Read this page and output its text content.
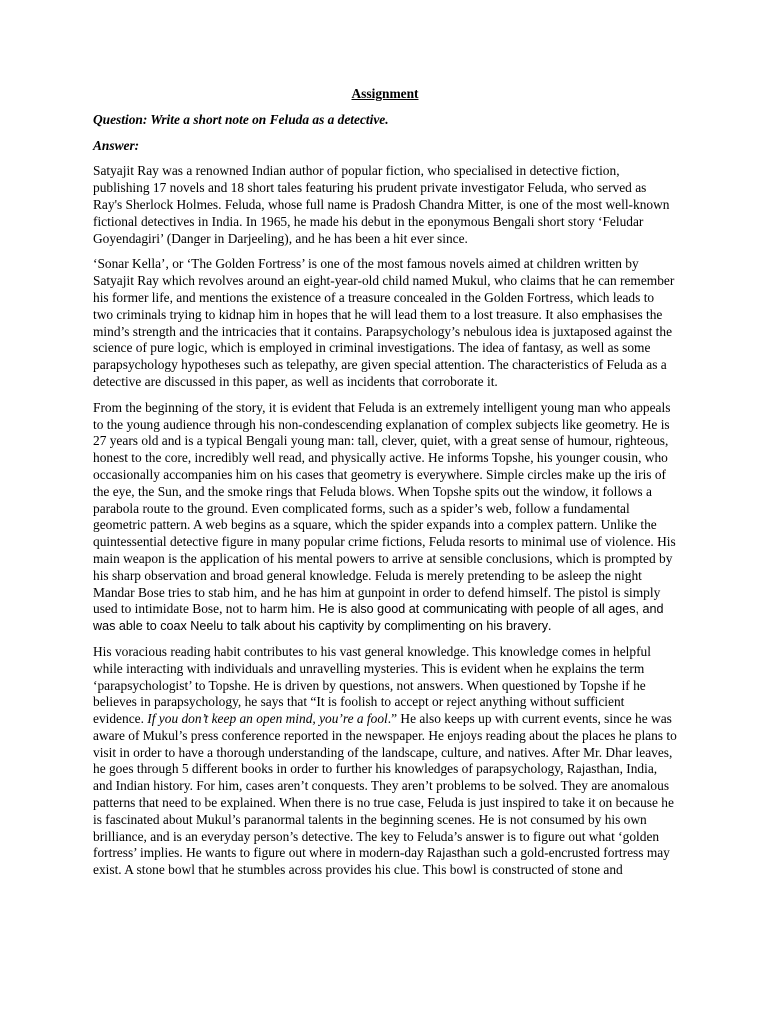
Assignment
Question: Write a short note on Feluda as a detective.
Answer:

Satyajit Ray was a renowned Indian author of popular fiction, who specialised in detective fiction, publishing 17 novels and 18 short tales featuring his prudent private investigator Feluda, who served as Ray's Sherlock Holmes. Feluda, whose full name is Pradosh Chandra Mitter, is one of the most well-known fictional detectives in India. In 1965, he made his debut in the eponymous Bengali short story ‘Feludar Goyendagiri’ (Danger in Darjeeling), and he has been a hit ever since.

‘Sonar Kella’, or ‘The Golden Fortress’ is one of the most famous novels aimed at children written by Satyajit Ray which revolves around an eight-year-old child named Mukul, who claims that he can remember his former life, and mentions the existence of a treasure concealed in the Golden Fortress, which leads to two criminals trying to kidnap him in hopes that he will lead them to a lost treasure. It also emphasises the mind’s strength and the intricacies that it contains. Parapsychology’s nebulous idea is juxtaposed against the science of pure logic, which is employed in criminal investigations. The idea of fantasy, as well as some parapsychology hypotheses such as telepathy, are given special attention. The characteristics of Feluda as a detective are discussed in this paper, as well as incidents that corroborate it.

From the beginning of the story, it is evident that Feluda is an extremely intelligent young man who appeals to the young audience through his non-condescending explanation of complex subjects like geometry. He is 27 years old and is a typical Bengali young man: tall, clever, quiet, with a great sense of humour, righteous, honest to the core, incredibly well read, and physically active. He informs Topshe, his younger cousin, who occasionally accompanies him on his cases that geometry is everywhere. Simple circles make up the iris of the eye, the Sun, and the smoke rings that Feluda blows. When Topshe spits out the window, it follows a parabola route to the ground. Even complicated forms, such as a spider’s web, follow a fundamental geometric pattern. A web begins as a square, which the spider expands into a complex pattern. Unlike the quintessential detective figure in many popular crime fictions, Feluda resorts to minimal use of violence. His main weapon is the application of his mental powers to arrive at sensible conclusions, which is prompted by his sharp observation and broad general knowledge. Feluda is merely pretending to be asleep the night Mandar Bose tries to stab him, and he has him at gunpoint in order to defend himself. The pistol is simply used to intimidate Bose, not to harm him. He is also good at communicating with people of all ages, and was able to coax Neelu to talk about his captivity by complimenting on his bravery.

His voracious reading habit contributes to his vast general knowledge. This knowledge comes in helpful while interacting with individuals and unravelling mysteries. This is evident when he explains the term ‘parapsychologist’ to Topshe. He is driven by questions, not answers. When questioned by Topshe if he believes in parapsychology, he says that “It is foolish to accept or reject anything without sufficient evidence. If you don’t keep an open mind, you’re a fool.” He also keeps up with current events, since he was aware of Mukul’s press conference reported in the newspaper. He enjoys reading about the places he plans to visit in order to have a thorough understanding of the landscape, culture, and natives. After Mr. Dhar leaves, he goes through 5 different books in order to further his knowledges of parapsychology, Rajasthan, India, and Indian history. For him, cases aren’t conquests. They aren’t problems to be solved. They are anomalous patterns that need to be explained. When there is no true case, Feluda is just inspired to take it on because he is fascinated about Mukul’s paranormal talents in the beginning scenes. He is not consumed by his own brilliance, and is an everyday person’s detective. The key to Feluda’s answer is to figure out what ‘golden fortress’ implies. He wants to figure out where in modern-day Rajasthan such a gold-encrusted fortress may exist. A stone bowl that he stumbles across provides his clue. This bowl is constructed of stone and
